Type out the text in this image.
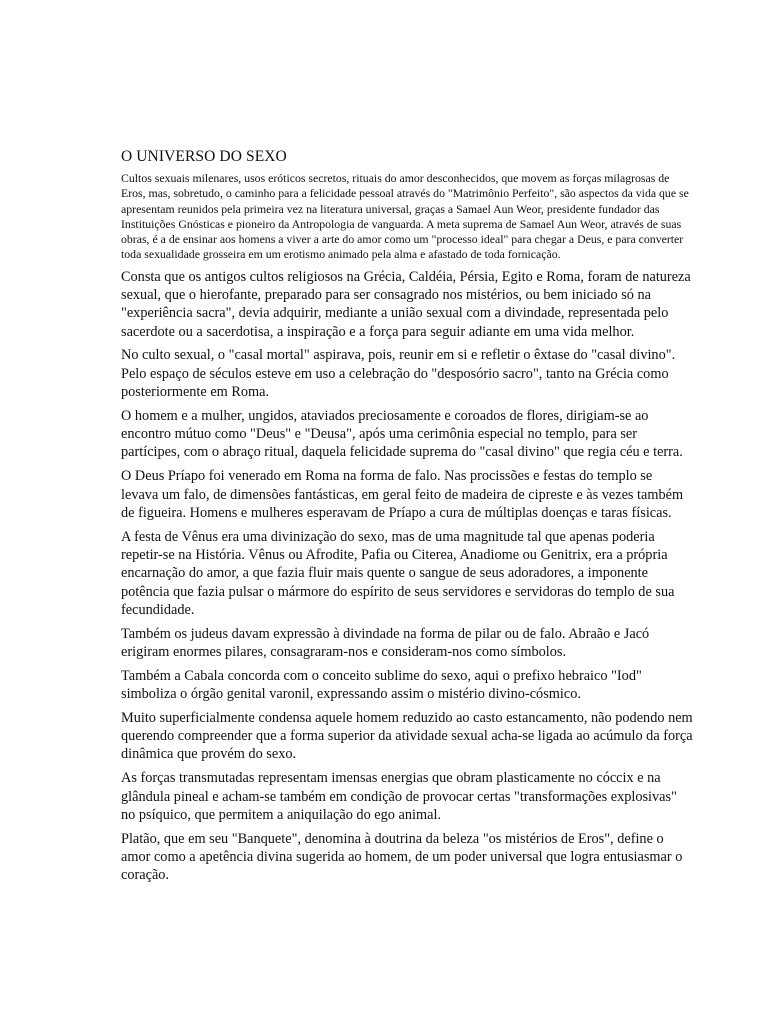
O UNIVERSO DO SEXO

Cultos sexuais milenares, usos eróticos secretos, rituais do amor desconhecidos, que movem as forças milagrosas de Eros, mas, sobretudo, o caminho para a felicidade pessoal através do "Matrimônio Perfeito", são aspectos da vida que se apresentam reunidos pela primeira vez na literatura universal, graças a Samael Aun Weor, presidente fundador das Instituições Gnósticas e pioneiro da Antropologia de vanguarda. A meta suprema de Samael Aun Weor, através de suas obras, é a de ensinar aos homens a viver a arte do amor como um "processo ideal" para chegar a Deus, e para converter toda sexualidade grosseira em um erotismo animado pela alma e afastado de toda fornicação.

Consta que os antigos cultos religiosos na Grécia, Caldéia, Pérsia, Egito e Roma, foram de natureza sexual, que o hierofante, preparado para ser consagrado nos mistérios, ou bem iniciado só na "experiência sacra", devia adquirir, mediante a união sexual com a divindade, representada pelo sacerdote ou a sacerdotisa, a inspiração e a força para seguir adiante em uma vida melhor.

No culto sexual, o "casal mortal" aspirava, pois, reunir em si e refletir o êxtase do "casal divino". Pelo espaço de séculos esteve em uso a celebração do "desposório sacro", tanto na Grécia como posteriormente em Roma.

O homem e a mulher, ungidos, ataviados preciosamente e coroados de flores, dirigiam-se ao encontro mútuo como "Deus" e "Deusa", após uma cerimônia especial no templo, para ser partícipes, com o abraço ritual, daquela felicidade suprema do "casal divino" que regia céu e terra.

O Deus Príapo foi venerado em Roma na forma de falo. Nas procissões e festas do templo se levava um falo, de dimensões fantásticas, em geral feito de madeira de cipreste e às vezes também de figueira. Homens e mulheres esperavam de Príapo a cura de múltiplas doenças e taras físicas.

A festa de Vênus era uma divinização do sexo, mas de uma magnitude tal que apenas poderia repetir-se na História. Vênus ou Afrodite, Pafia ou Citerea, Anadiome ou Genitrix, era a própria encarnação do amor, a que fazia fluir mais quente o sangue de seus adoradores, a imponente potência que fazia pulsar o mármore do espírito de seus servidores e servidoras do templo de sua fecundidade.

Também os judeus davam expressão à divindade na forma de pilar ou de falo. Abraão e Jacó erigiram enormes pilares, consagraram-nos e consideram-nos como símbolos.

Também a Cabala concorda com o conceito sublime do sexo, aqui o prefixo hebraico "Iod" simboliza o órgão genital varonil, expressando assim o mistério divino-cósmico.

Muito superficialmente condensa aquele homem reduzido ao casto estancamento, não podendo nem querendo compreender que a forma superior da atividade sexual acha-se ligada ao acúmulo da força dinâmica que provém do sexo.

As forças transmutadas representam imensas energias que obram plasticamente no cóccix e na glândula pineal e acham-se também em condição de provocar certas "transformações explosivas" no psíquico, que permitem a aniquilação do ego animal.

Platão, que em seu "Banquete", denomina à doutrina da beleza "os mistérios de Eros", define o amor como a apetência divina sugerida ao homem, de um poder universal que logra entusiasmar o coração.
